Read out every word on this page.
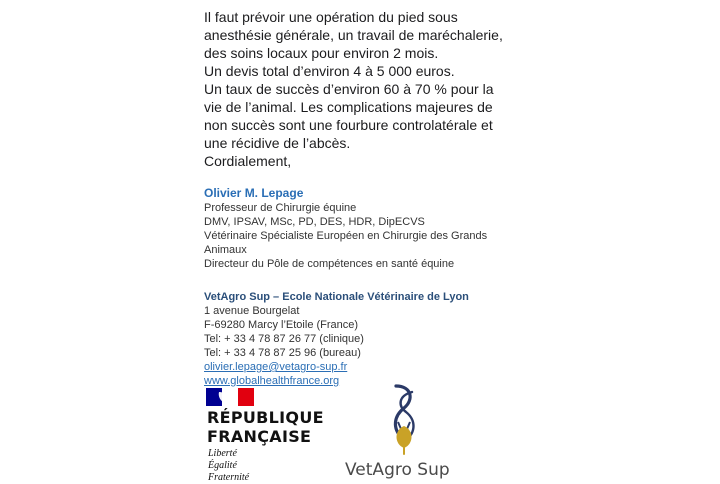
Il faut prévoir une opération du pied sous
anesthésie générale, un travail de maréchalerie,
des soins locaux pour environ 2 mois.
Un devis total d’environ 4 à 5 000 euros.
Un taux de succès d’environ 60 à 70 % pour la
vie de l’animal. Les complications majeures de
non succès sont une fourbure controlatérale et
une récidive de l’abcès.
Cordialement,
Olivier M. Lepage
Professeur de Chirurgie équine
DMV, IPSAV, MSc, PD, DES, HDR, DipECVS
Vétérinaire Spécialiste Européen en Chirurgie des Grands
Animaux
Directeur du Pôle de compétences en santé équine
VetAgro Sup – Ecole Nationale Vétérinaire de Lyon
1 avenue Bourgelat
F-69280 Marcy l’Etoile (France)
Tel: + 33 4 78 87 26 77 (clinique)
Tel: + 33 4 78 87 25 96 (bureau)
olivier.lepage@vetagro-sup.fr
www.globalhealthfrance.org
RÉPUBLIQUE
FRANÇAISE
Liberté
Égalité
Fraternité	VetAgro Sup
